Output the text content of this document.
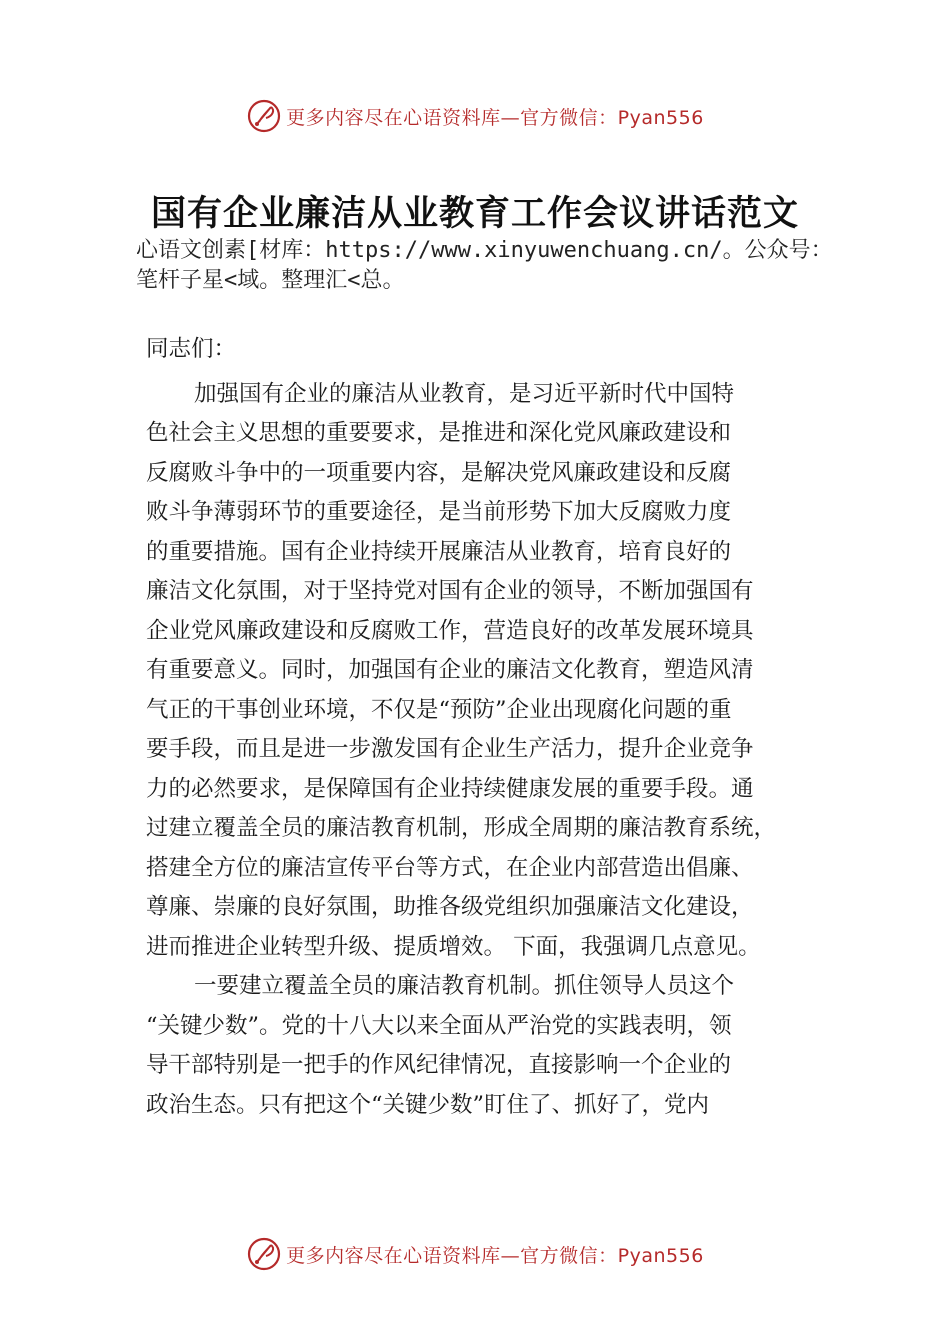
更多内容尽在心语资料库—官方微信：Pyan556
国有企业廉洁从业教育工作会议讲话范文
心语文创素[材库：https://www.xinyuwenchuang.cn/。公众号：
笔杆子星<域。整理汇<总。
同志们：
加强国有企业的廉洁从业教育，是习近平新时代中国特
色社会主义思想的重要要求，是推进和深化党风廉政建设和
反腐败斗争中的一项重要内容，是解决党风廉政建设和反腐
败斗争薄弱环节的重要途径，是当前形势下加大反腐败力度
的重要措施。国有企业持续开展廉洁从业教育，培育良好的
廉洁文化氛围，对于坚持党对国有企业的领导，不断加强国有
企业党风廉政建设和反腐败工作，营造良好的改革发展环境具
有重要意义。同时，加强国有企业的廉洁文化教育，塑造风清
气正的干事创业环境，不仅是“预防”企业出现腐化问题的重
要手段，而且是进一步激发国有企业生产活力，提升企业竞争
力的必然要求，是保障国有企业持续健康发展的重要手段。通
过建立覆盖全员的廉洁教育机制，形成全周期的廉洁教育系统，
搭建全方位的廉洁宣传平台等方式，在企业内部营造出倡廉、
尊廉、崇廉的良好氛围，助推各级党组织加强廉洁文化建设，
进而推进企业转型升级、提质增效。 下面，我强调几点意见。
一要建立覆盖全员的廉洁教育机制。抓住领导人员这个
“关键少数”。党的十八大以来全面从严治党的实践表明，领
导干部特别是一把手的作风纪律情况，直接影响一个企业的
政治生态。只有把这个“关键少数”盯住了、抓好了，党内
更多内容尽在心语资料库—官方微信：Pyan556
